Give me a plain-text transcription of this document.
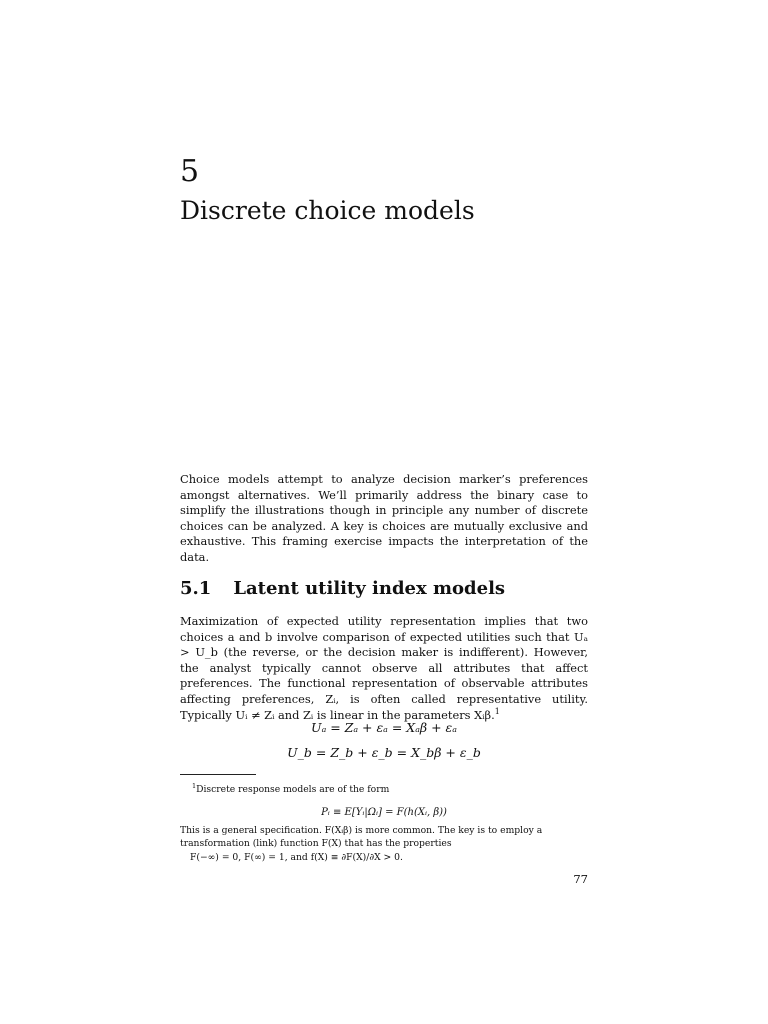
5
Discrete choice models

Choice models attempt to analyze decision marker’s preferences amongst alternatives. We’ll primarily address the binary case to simplify the illustrations though in principle any number of discrete choices can be analyzed. A key is choices are mutually exclusive and exhaustive. This framing exercise impacts the interpretation of the data.

5.1 Latent utility index models

Maximization of expected utility representation implies that two choices a and b involve comparison of expected utilities such that Uₐ > U_b (the reverse, or the decision maker is indifferent). However, the analyst typically cannot observe all attributes that affect preferences. The functional representation of observable attributes affecting preferences, Zᵢ, is often called representative utility. Typically Uᵢ ≠ Zᵢ and Zᵢ is linear in the parameters Xᵢβ.$^1$

Uₐ = Zₐ + εₐ = Xₐβ + εₐ
U_b = Z_b + ε_b = X_bβ + ε_b

$^1$Discrete response models are of the form

Pᵢ ≡ E[Yᵢ|Ωᵢ] = F(h(Xᵢ, β))

This is a general specification. F(Xᵢβ) is more common. The key is to employ a transformation (link) function F(X) that has the properties

F(−∞) = 0, F(∞) = 1, and f(X) ≡ ∂F(X)/∂X > 0.

77
